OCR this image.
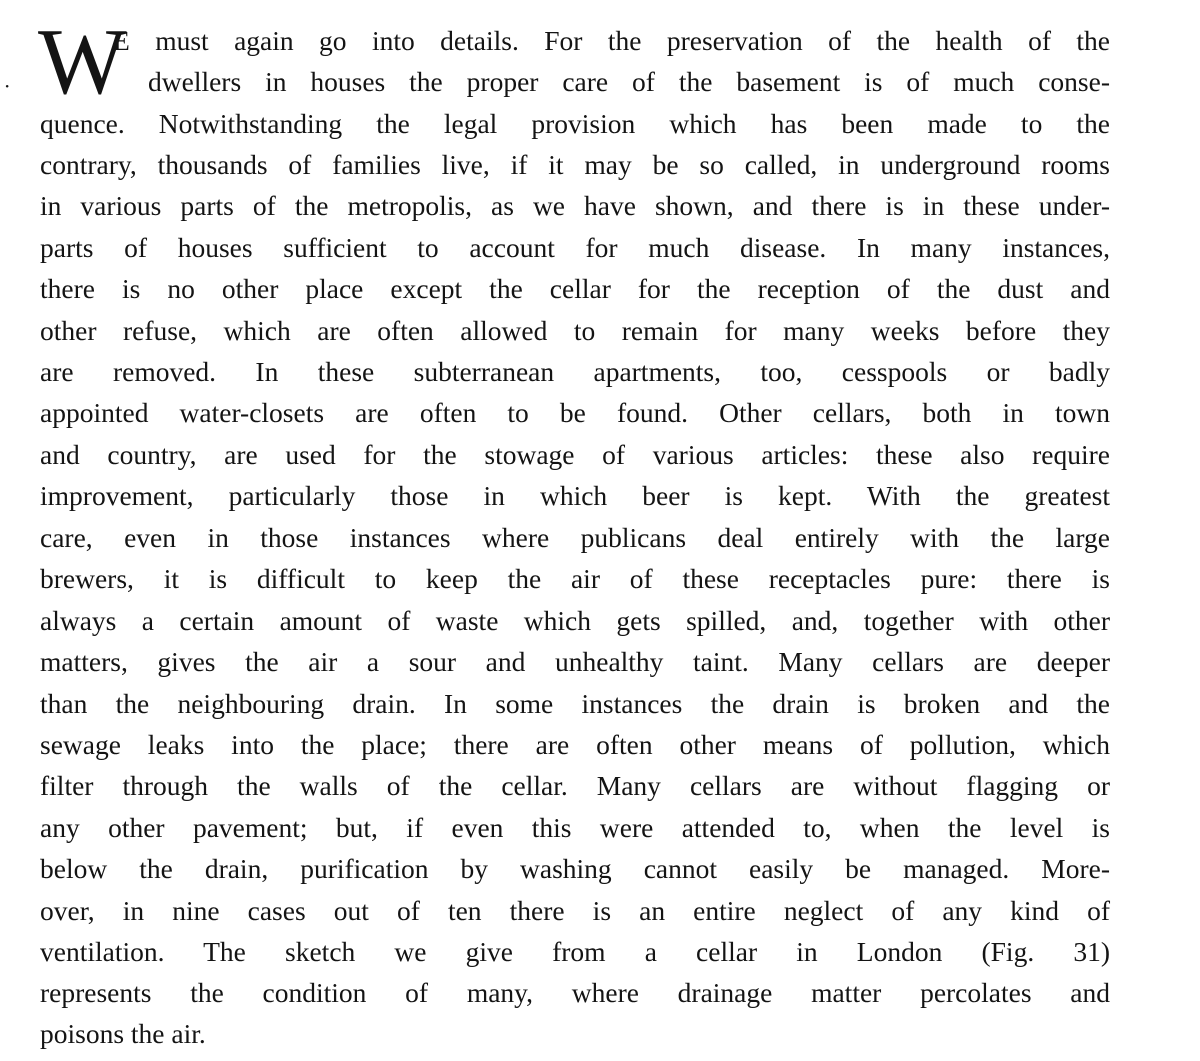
· W
E must again go into details. For the preservation of the health of the
dwellers in houses the proper care of the basement is of much conse-
quence. Notwithstanding the legal provision which has been made to the
contrary, thousands of families live, if it may be so called, in underground rooms
in various parts of the metropolis, as we have shown, and there is in these under-
parts of houses sufficient to account for much disease. In many instances,
there is no other place except the cellar for the reception of the dust and
other refuse, which are often allowed to remain for many weeks before they
are removed. In these subterranean apartments, too, cesspools or badly
appointed water-closets are often to be found. Other cellars, both in town
and country, are used for the stowage of various articles: these also require
improvement, particularly those in which beer is kept. With the greatest
care, even in those instances where publicans deal entirely with the large
brewers, it is difficult to keep the air of these receptacles pure: there is
always a certain amount of waste which gets spilled, and, together with other
matters, gives the air a sour and unhealthy taint. Many cellars are deeper
than the neighbouring drain. In some instances the drain is broken and the
sewage leaks into the place; there are often other means of pollution, which
filter through the walls of the cellar. Many cellars are without flagging or
any other pavement; but, if even this were attended to, when the level is
below the drain, purification by washing cannot easily be managed. More-
over, in nine cases out of ten there is an entire neglect of any kind of
ventilation. The sketch we give from a cellar in London (Fig. 31)
represents the condition of many, where drainage matter percolates and
poisons the air.
